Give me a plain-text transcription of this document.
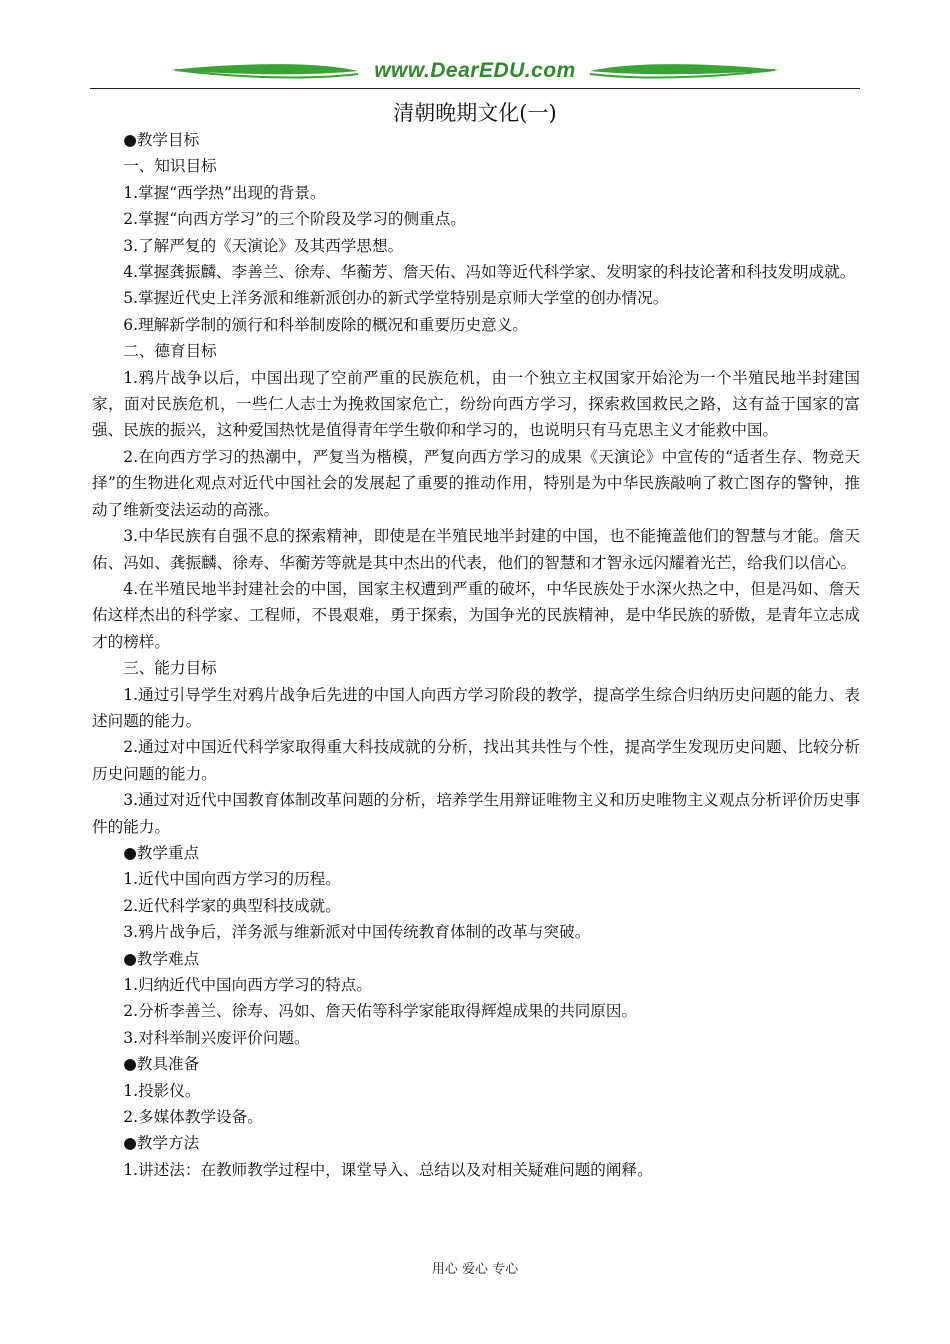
www.DearEDU.com
清朝晚期文化(一)

●教学目标

一、知识目标

1.掌握“西学热”出现的背景。

2.掌握“向西方学习”的三个阶段及学习的侧重点。

3.了解严复的《天演论》及其西学思想。

4.掌握龚振麟、李善兰、徐寿、华蘅芳、詹天佑、冯如等近代科学家、发明家的科技论著和科技发明成就。

5.掌握近代史上洋务派和维新派创办的新式学堂特别是京师大学堂的创办情况。

6.理解新学制的颁行和科举制废除的概况和重要历史意义。

二、德育目标

1.鸦片战争以后，中国出现了空前严重的民族危机，由一个独立主权国家开始沦为一个半殖民地半封建国家，面对民族危机，一些仁人志士为挽救国家危亡，纷纷向西方学习，探索救国救民之路，这有益于国家的富强、民族的振兴，这种爱国热忱是值得青年学生敬仰和学习的，也说明只有马克思主义才能救中国。

2.在向西方学习的热潮中，严复当为楷模，严复向西方学习的成果《天演论》中宣传的“适者生存、物竞天择”的生物进化观点对近代中国社会的发展起了重要的推动作用，特别是为中华民族敲响了救亡图存的警钟，推动了维新变法运动的高涨。

3.中华民族有自强不息的探索精神，即使是在半殖民地半封建的中国，也不能掩盖他们的智慧与才能。詹天佑、冯如、龚振麟、徐寿、华蘅芳等就是其中杰出的代表，他们的智慧和才智永远闪耀着光芒，给我们以信心。

4.在半殖民地半封建社会的中国，国家主权遭到严重的破坏，中华民族处于水深火热之中，但是冯如、詹天佑这样杰出的科学家、工程师，不畏艰难，勇于探索，为国争光的民族精神，是中华民族的骄傲，是青年立志成才的榜样。

三、能力目标

1.通过引导学生对鸦片战争后先进的中国人向西方学习阶段的教学，提高学生综合归纳历史问题的能力、表述问题的能力。

2.通过对中国近代科学家取得重大科技成就的分析，找出其共性与个性，提高学生发现历史问题、比较分析历史问题的能力。

3.通过对近代中国教育体制改革问题的分析，培养学生用辩证唯物主义和历史唯物主义观点分析评价历史事件的能力。

●教学重点

1.近代中国向西方学习的历程。

2.近代科学家的典型科技成就。

3.鸦片战争后，洋务派与维新派对中国传统教育体制的改革与突破。

●教学难点

1.归纳近代中国向西方学习的特点。

2.分析李善兰、徐寿、冯如、詹天佑等科学家能取得辉煌成果的共同原因。

3.对科举制兴废评价问题。

●教具准备

1.投影仪。

2.多媒体教学设备。

●教学方法

1.讲述法：在教师教学过程中，课堂导入、总结以及对相关疑难问题的阐释。

用心 爱心 专心
